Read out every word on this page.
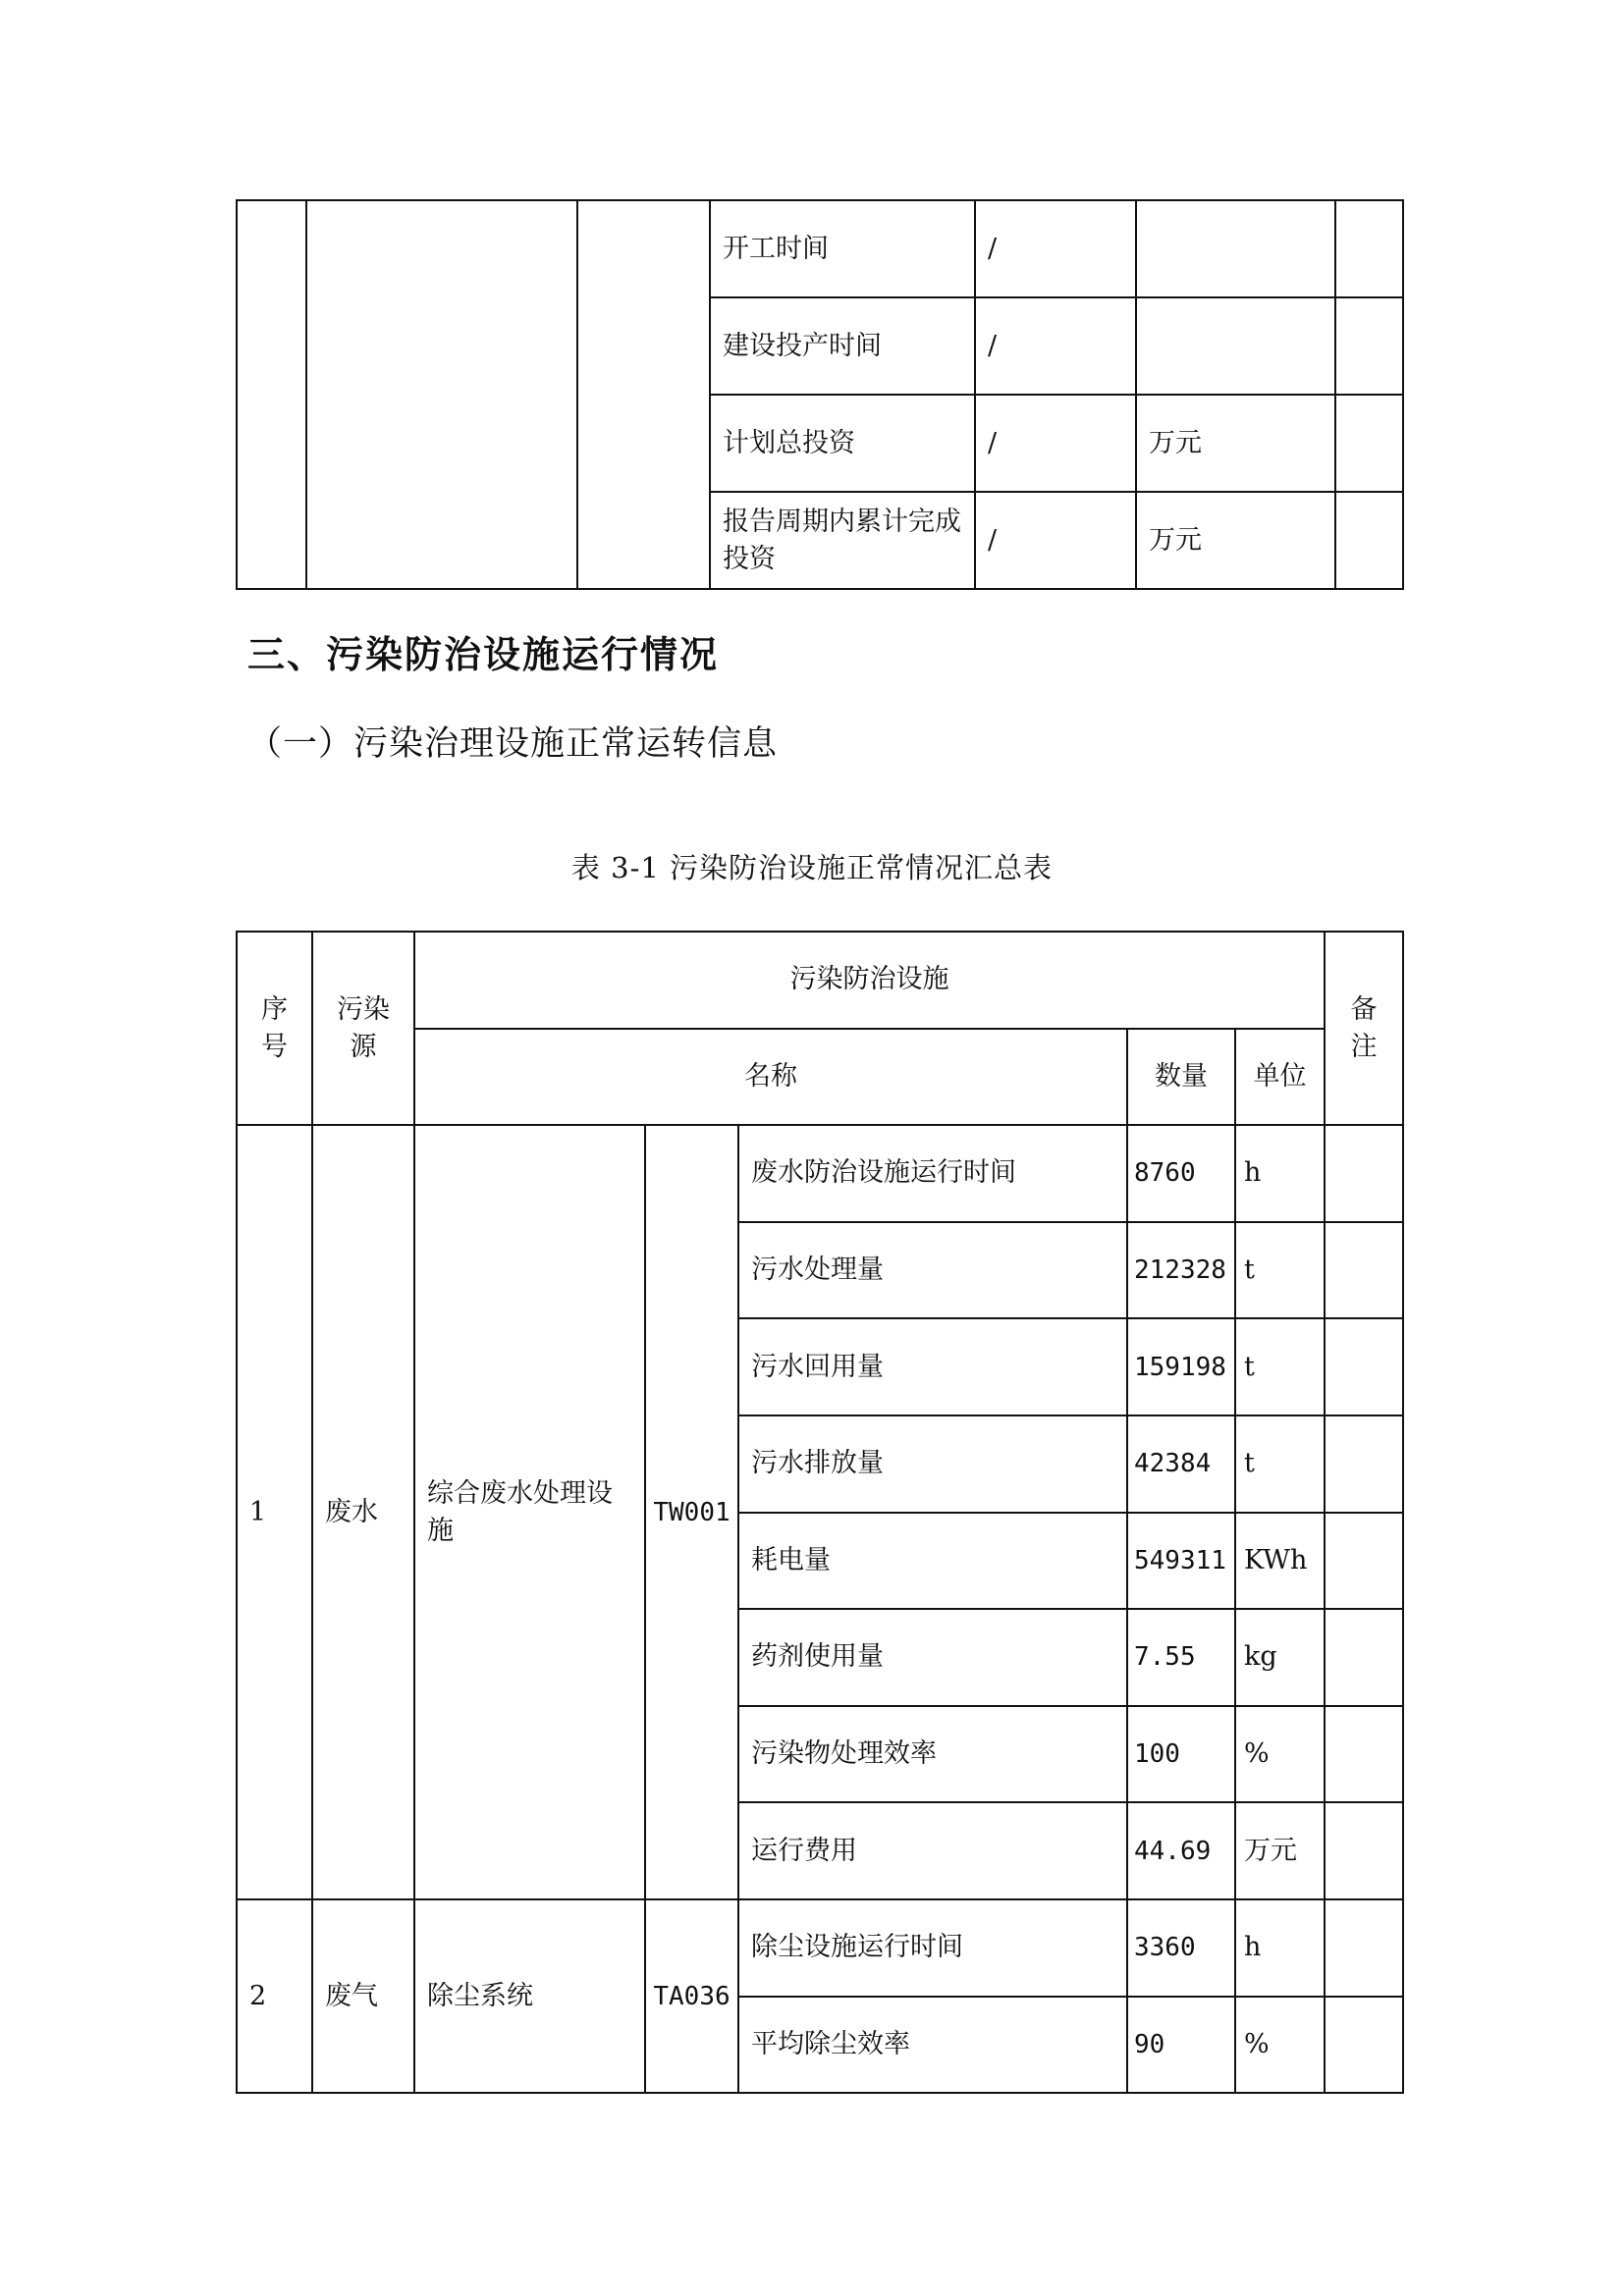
			开工时间	/		
			建设投产时间	/		
			计划总投资	/	万元	
			报告周期内累计完成投资	/	万元	
三、污染防治设施运行情况
（一）污染治理设施正常运转信息

表 3-1 污染防治设施正常情况汇总表

序号	污染源	污染防治设施					备注
		名称			数量	单位	
1	废水	综合废水处理设施	TW001	废水防治设施运行时间	8760	h	
				污水处理量	212328	t	
				污水回用量	159198	t	
				污水排放量	42384	t	
				耗电量	549311	KWh	
				药剂使用量	7.55	kg	
				污染物处理效率	100	%	
				运行费用	44.69	万元	
2	废气	除尘系统	TA036	除尘设施运行时间	3360	h	
				平均除尘效率	90	%	
